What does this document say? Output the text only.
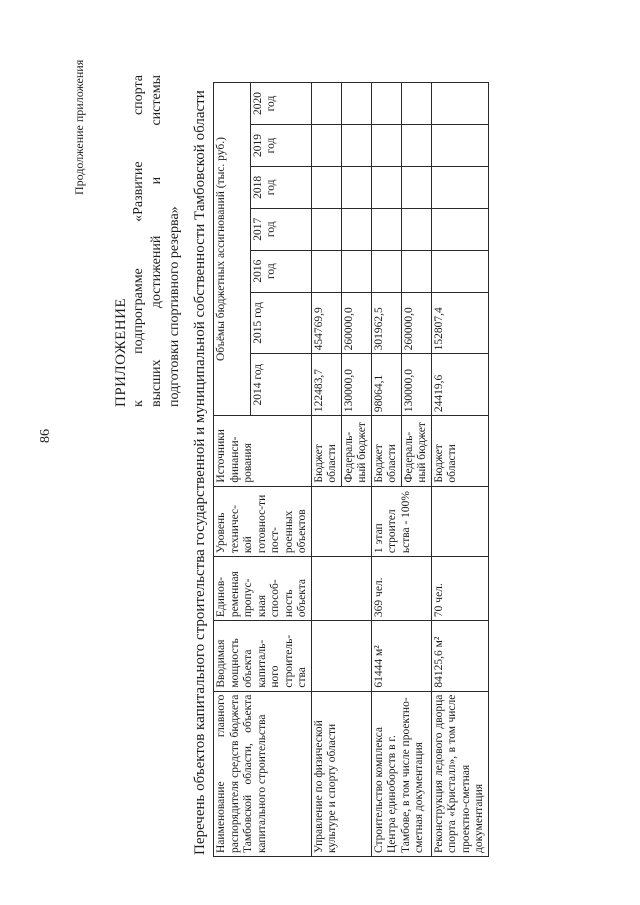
86
Продолжение приложения
ПРИЛОЖЕНИЕ к подпрограмме «Развитие спорта высших достижений и системы подготовки спортивного резерва» Перечень объектов капитального строительства государственной и муниципальной собственности Тамбовской области Наименование главного распорядителя средств бюджета Тамбовской области, объекта капитального строительства	Вводимая мощность объекта капиталь-ного строитель-ства	Единов-ременная пропус-кная способ-ность объекта	Уровень техничес-кой готовнос-ти пост-роенных объектов	Источники финанси-рования	Объёмы бюджетных ассигнований (тыс. руб.)						
					2014 год	2015 год	2016 год	2017 год	2018 год	2019 год	2020 год
Управление по физической культуре и спорту области				Бюджет области	122483,7	454769,9					
				Федераль-ный бюджет	130000,0	260000,0					
Строительство комплекса Центра единоборств в г. Тамбове, в том числе проектно-сметная документация	61444 м²	369 чел.	1 этап строител ьства - 100%	Бюджет области	98064,1	301962,5					
				Федераль-ный бюджет	130000,0	260000,0					
Реконструкция ледового дворца спорта «Кристалл», в том числе проектно-сметная документация	84125,6 м²	70 чел.		Бюджет области	24419,6	152807,4					
